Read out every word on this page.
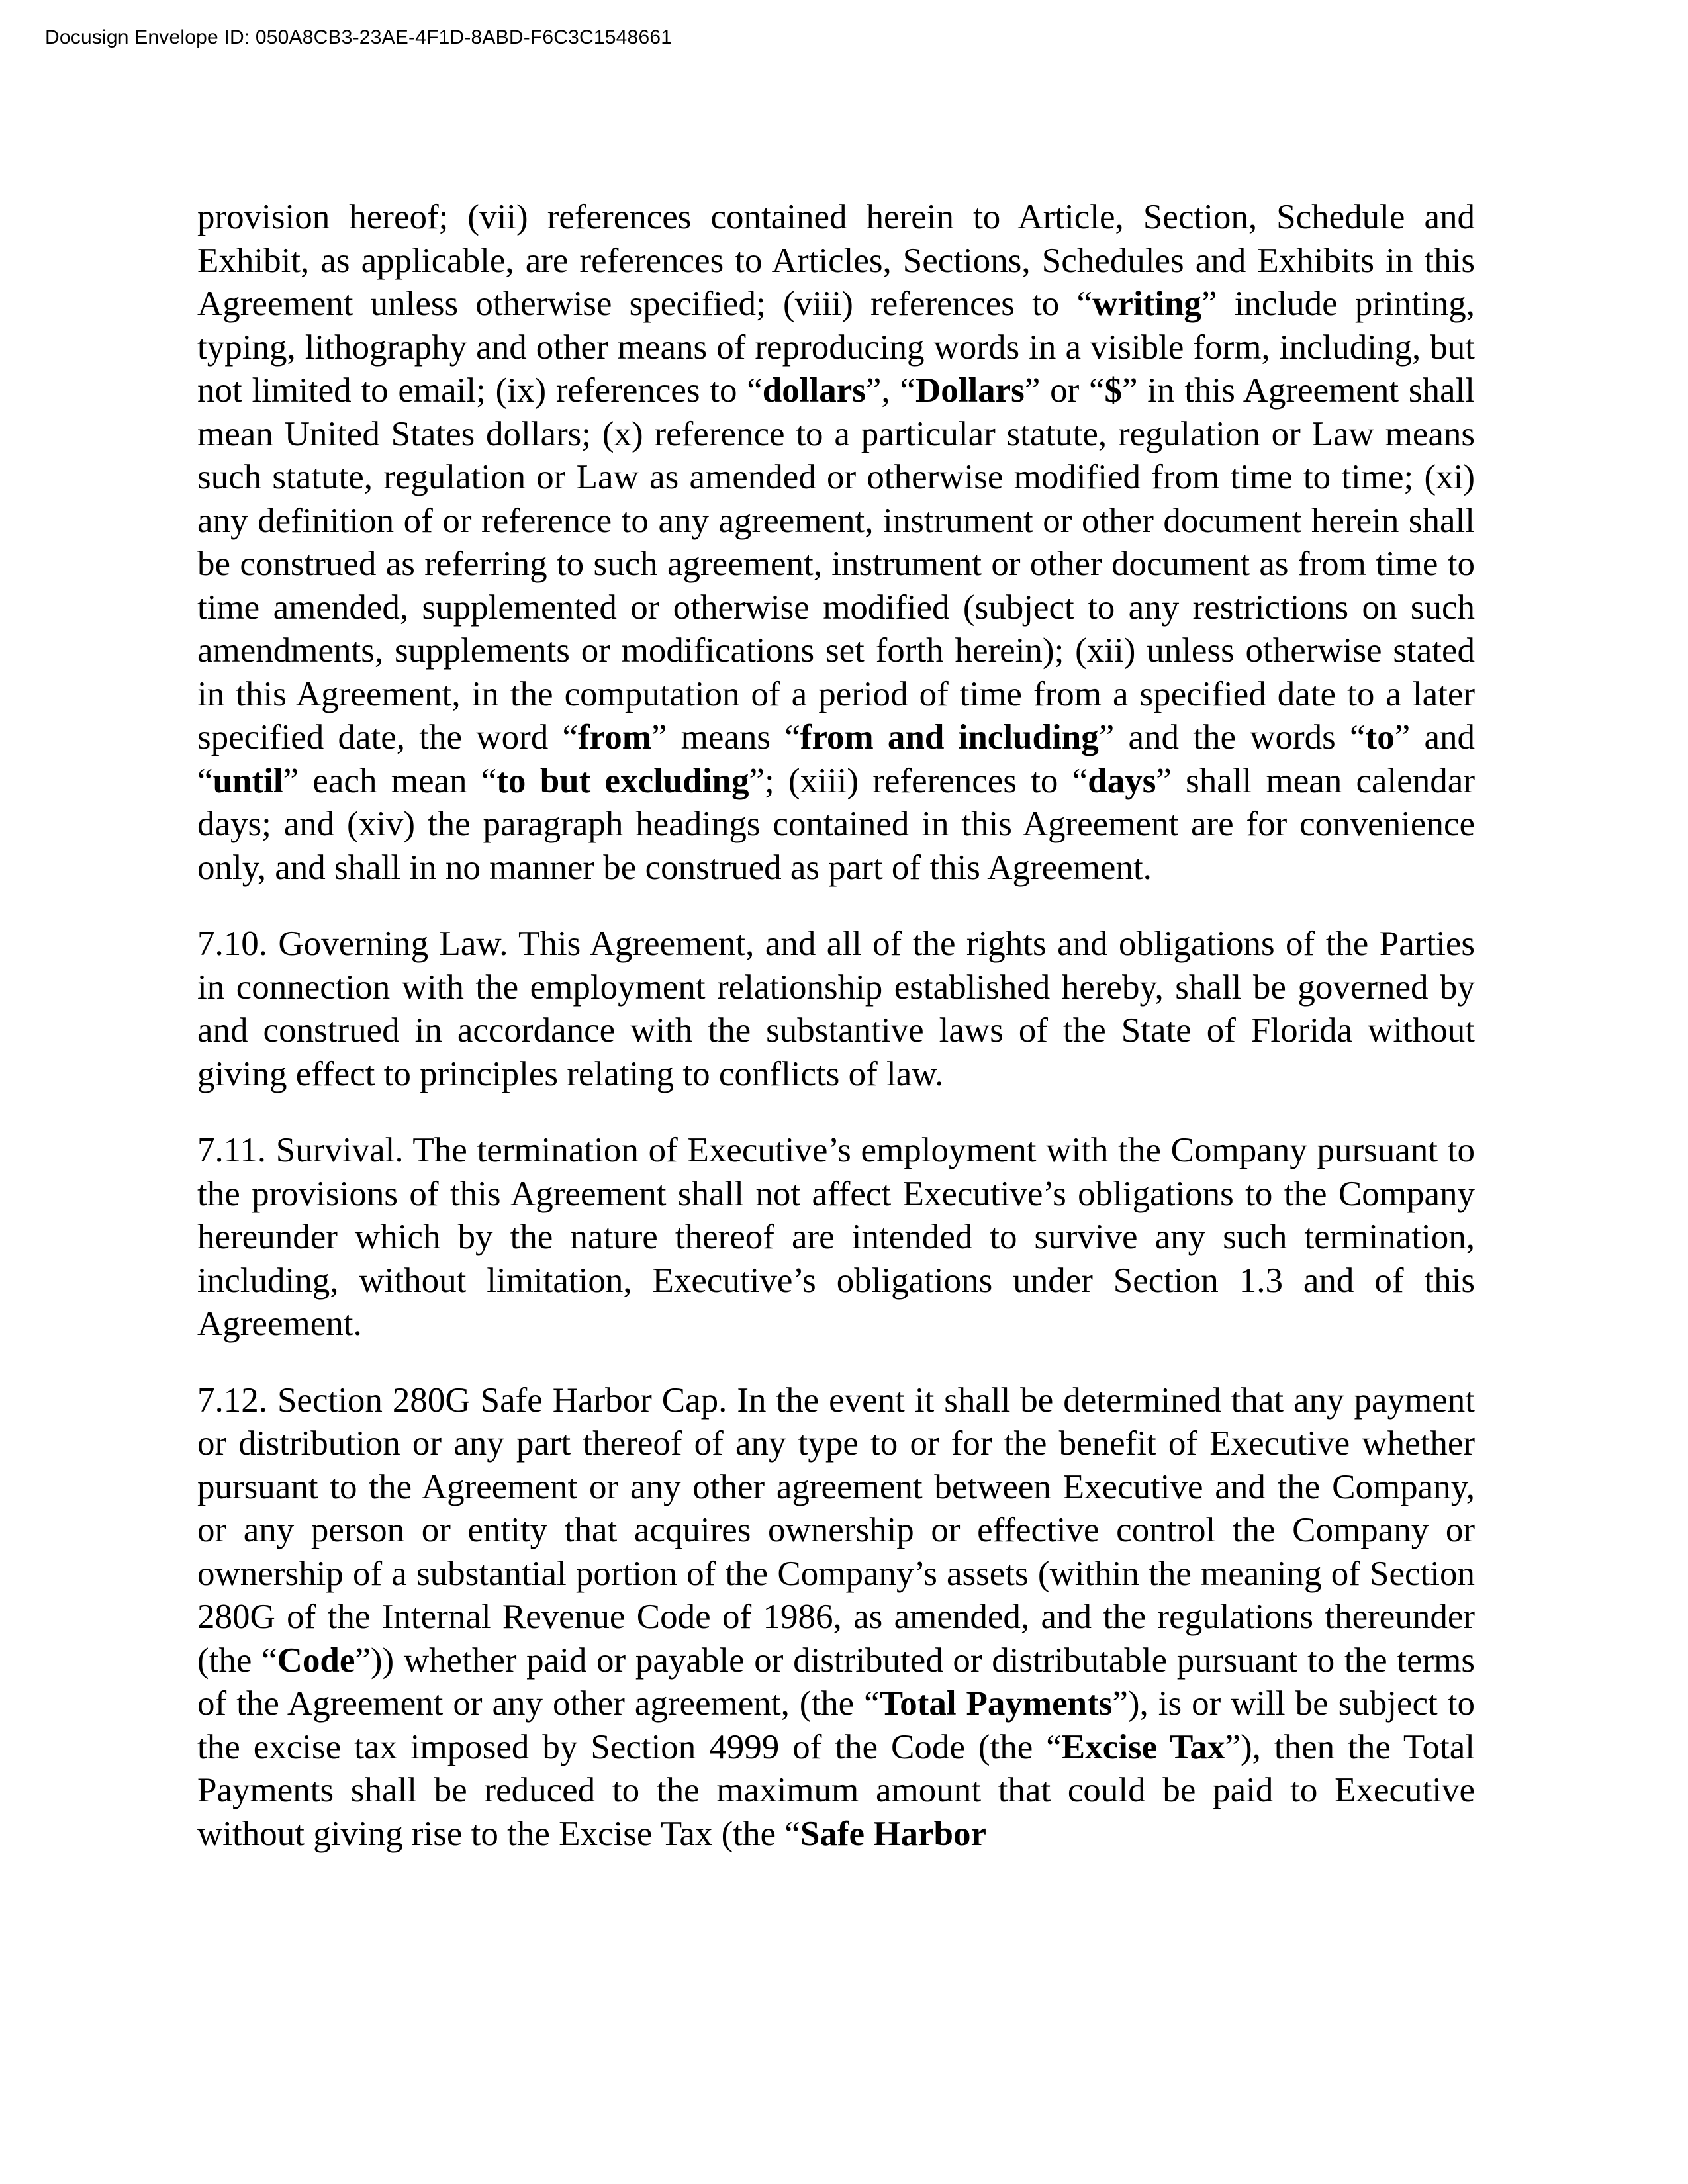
Docusign Envelope ID: 050A8CB3-23AE-4F1D-8ABD-F6C3C1548661

provision hereof; (vii) references contained herein to Article, Section, Schedule and Exhibit, as applicable, are references to Articles, Sections, Schedules and Exhibits in this Agreement unless otherwise specified; (viii) references to “writing” include printing, typing, lithography and other means of reproducing words in a visible form, including, but not limited to email; (ix) references to “dollars”, “Dollars” or “$” in this Agreement shall mean United States dollars; (x) reference to a particular statute, regulation or Law means such statute, regulation or Law as amended or otherwise modified from time to time; (xi) any definition of or reference to any agreement, instrument or other document herein shall be construed as referring to such agreement, instrument or other document as from time to time amended, supplemented or otherwise modified (subject to any restrictions on such amendments, supplements or modifications set forth herein); (xii) unless otherwise stated in this Agreement, in the computation of a period of time from a specified date to a later specified date, the word “from” means “from and including” and the words “to” and “until” each mean “to but excluding”; (xiii) references to “days” shall mean calendar days; and (xiv) the paragraph headings contained in this Agreement are for convenience only, and shall in no manner be construed as part of this Agreement.

7.10. Governing Law. This Agreement, and all of the rights and obligations of the Parties in connection with the employment relationship established hereby, shall be governed by and construed in accordance with the substantive laws of the State of Florida without giving effect to principles relating to conflicts of law.

7.11. Survival. The termination of Executive’s employment with the Company pursuant to the provisions of this Agreement shall not affect Executive’s obligations to the Company hereunder which by the nature thereof are intended to survive any such termination, including, without limitation, Executive’s obligations under Section 1.3 and of this Agreement.

7.12. Section 280G Safe Harbor Cap. In the event it shall be determined that any payment or distribution or any part thereof of any type to or for the benefit of Executive whether pursuant to the Agreement or any other agreement between Executive and the Company, or any person or entity that acquires ownership or effective control the Company or ownership of a substantial portion of the Company’s assets (within the meaning of Section 280G of the Internal Revenue Code of 1986, as amended, and the regulations thereunder (the “Code”)) whether paid or payable or distributed or distributable pursuant to the terms of the Agreement or any other agreement, (the “Total Payments”), is or will be subject to the excise tax imposed by Section 4999 of the Code (the “Excise Tax”), then the Total Payments shall be reduced to the maximum amount that could be paid to Executive without giving rise to the Excise Tax (the “Safe Harbor
